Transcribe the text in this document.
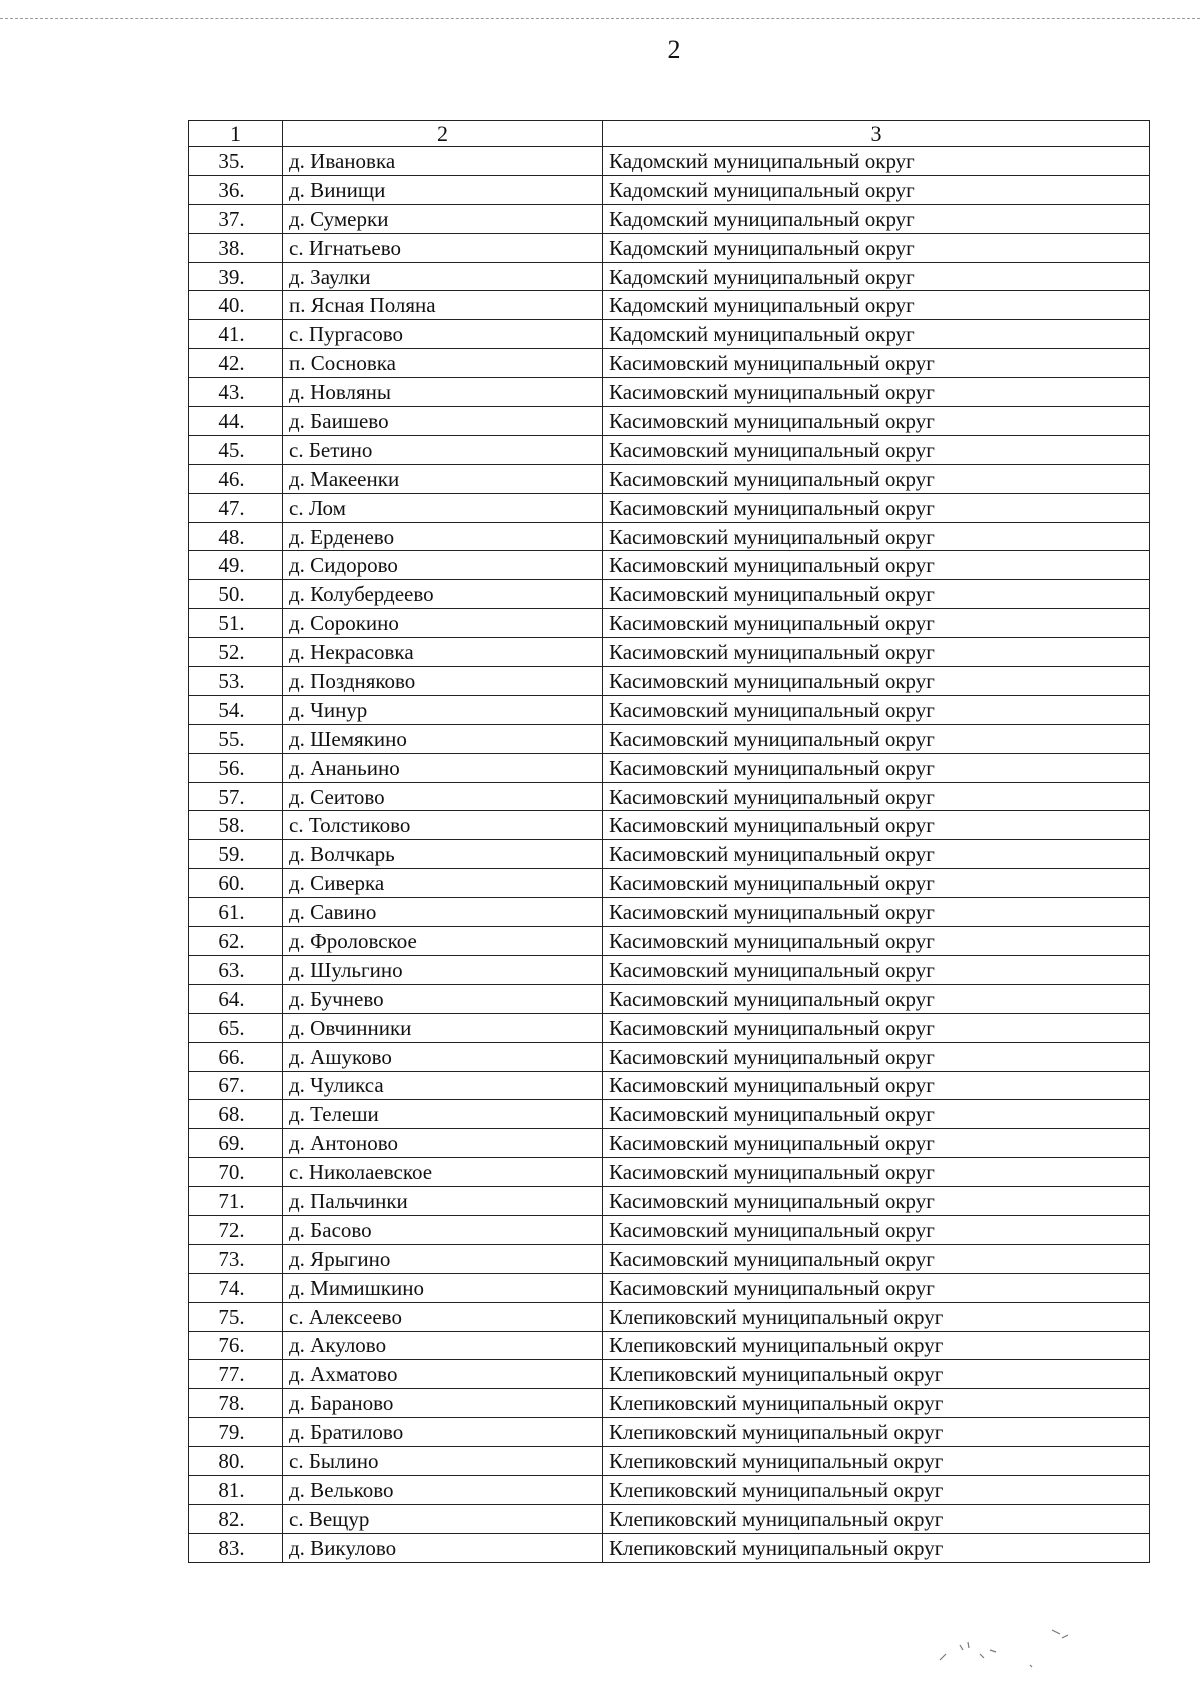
2
1	2	3
35.	д. Ивановка	Кадомский муниципальный округ
36.	д. Винищи	Кадомский муниципальный округ
37.	д. Сумерки	Кадомский муниципальный округ
38.	с. Игнатьево	Кадомский муниципальный округ
39.	д. Заулки	Кадомский муниципальный округ
40.	п. Ясная Поляна	Кадомский муниципальный округ
41.	с. Пургасово	Кадомский муниципальный округ
42.	п. Сосновка	Касимовский муниципальный округ
43.	д. Новляны	Касимовский муниципальный округ
44.	д. Баишево	Касимовский муниципальный округ
45.	с. Бетино	Касимовский муниципальный округ
46.	д. Макеенки	Касимовский муниципальный округ
47.	с. Лом	Касимовский муниципальный округ
48.	д. Ерденево	Касимовский муниципальный округ
49.	д. Сидорово	Касимовский муниципальный округ
50.	д. Колубердеево	Касимовский муниципальный округ
51.	д. Сорокино	Касимовский муниципальный округ
52.	д. Некрасовка	Касимовский муниципальный округ
53.	д. Поздняково	Касимовский муниципальный округ
54.	д. Чинур	Касимовский муниципальный округ
55.	д. Шемякино	Касимовский муниципальный округ
56.	д. Ананьино	Касимовский муниципальный округ
57.	д. Сеитово	Касимовский муниципальный округ
58.	с. Толстиково	Касимовский муниципальный округ
59.	д. Волчкарь	Касимовский муниципальный округ
60.	д. Сиверка	Касимовский муниципальный округ
61.	д. Савино	Касимовский муниципальный округ
62.	д. Фроловское	Касимовский муниципальный округ
63.	д. Шульгино	Касимовский муниципальный округ
64.	д. Бучнево	Касимовский муниципальный округ
65.	д. Овчинники	Касимовский муниципальный округ
66.	д. Ашуково	Касимовский муниципальный округ
67.	д. Чуликса	Касимовский муниципальный округ
68.	д. Телеши	Касимовский муниципальный округ
69.	д. Антоново	Касимовский муниципальный округ
70.	с. Николаевское	Касимовский муниципальный округ
71.	д. Пальчинки	Касимовский муниципальный округ
72.	д. Басово	Касимовский муниципальный округ
73.	д. Ярыгино	Касимовский муниципальный округ
74.	д. Мимишкино	Касимовский муниципальный округ
75.	с. Алексеево	Клепиковский муниципальный округ
76.	д. Акулово	Клепиковский муниципальный округ
77.	д. Ахматово	Клепиковский муниципальный округ
78.	д. Бараново	Клепиковский муниципальный округ
79.	д. Братилово	Клепиковский муниципальный округ
80.	с. Былино	Клепиковский муниципальный округ
81.	д. Вельково	Клепиковский муниципальный округ
82.	с. Вещур	Клепиковский муниципальный округ
83.	д. Викулово	Клепиковский муниципальный округ
